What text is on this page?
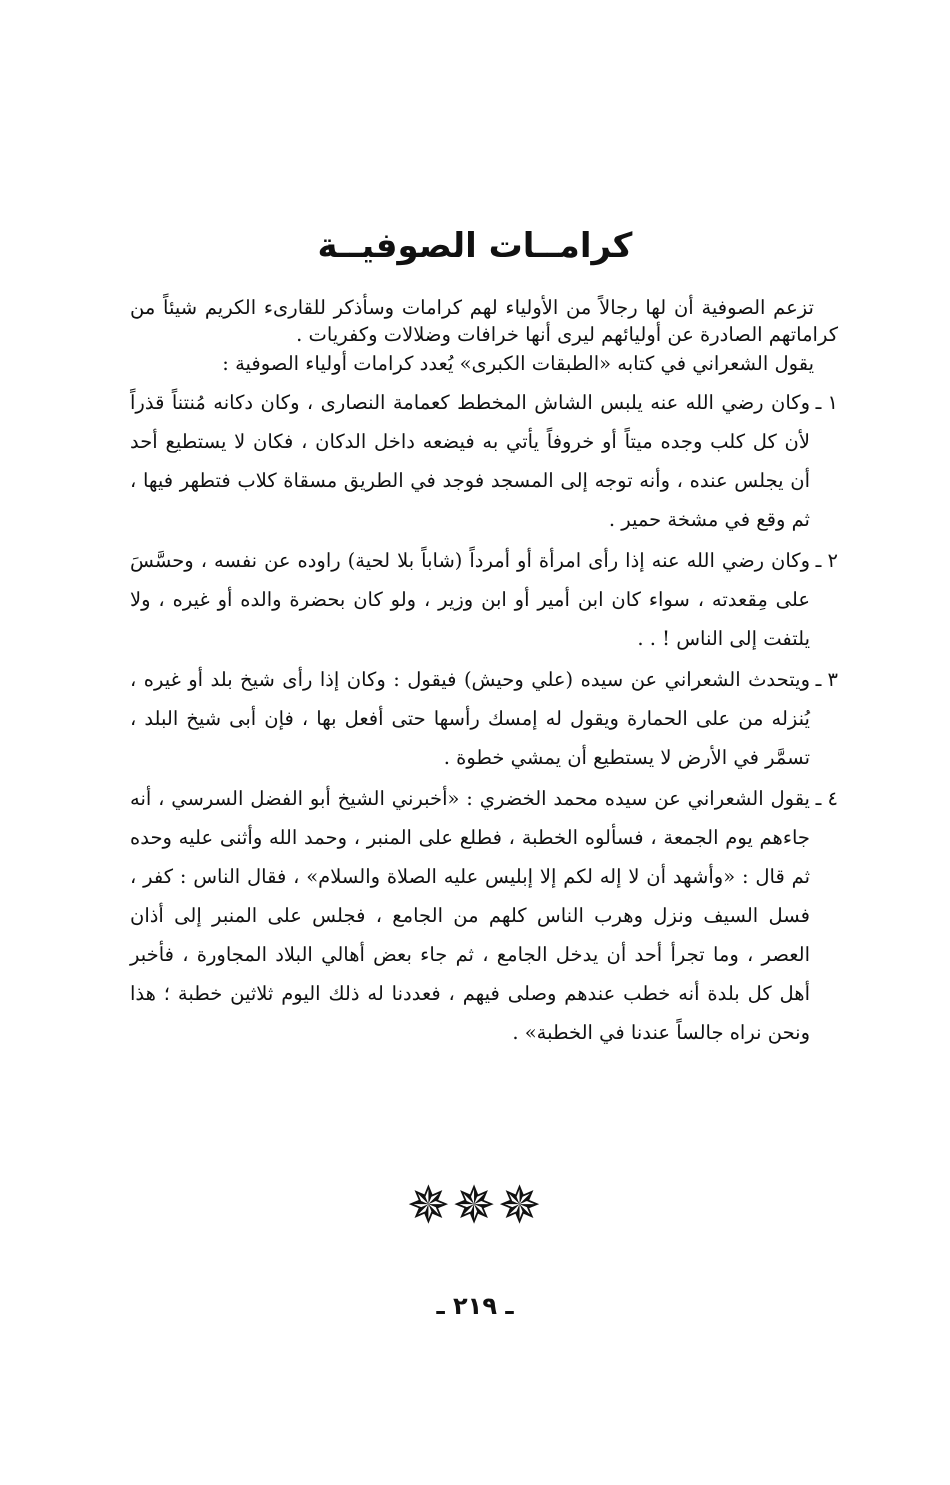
كرامــات الصوفيــة

تزعم الصوفية أن لها رجالاً من الأولياء لهم كرامات وسأذكر للقارىء الكريم شيئاً من كراماتهم الصادرة عن أوليائهم ليرى أنها خرافات وضلالات وكفريات .

يقول الشعراني في كتابه «الطبقات الكبرى» يُعدد كرامات أولياء الصوفية :

١ ـ
وكان رضي الله عنه يلبس الشاش المخطط كعمامة النصارى ، وكان دكانه مُنتناً قذراً لأن كل كلب وجده ميتاً أو خروفاً يأتي به فيضعه داخل الدكان ، فكان لا يستطيع أحد أن يجلس عنده ، وأنه توجه إلى المسجد فوجد في الطريق مسقاة كلاب فتطهر فيها ، ثم وقع في مشخة حمير .
٢ ـ
وكان رضي الله عنه إذا رأى امرأة أو أمرداً (شاباً بلا لحية) راوده عن نفسه ، وحسَّسَ على مِقعدته ، سواء كان ابن أمير أو ابن وزير ، ولو كان بحضرة والده أو غيره ، ولا يلتفت إلى الناس ! . .
٣ ـ
ويتحدث الشعراني عن سيده (علي وحيش) فيقول : وكان إذا رأى شيخ بلد أو غيره ، يُنزله من على الحمارة ويقول له إمسك رأسها حتى أفعل بها ، فإن أبى شيخ البلد ، تسمَّر في الأرض لا يستطيع أن يمشي خطوة .
٤ ـ
يقول الشعراني عن سيده محمد الخضري : «أخبرني الشيخ أبو الفضل السرسي ، أنه جاءهم يوم الجمعة ، فسألوه الخطبة ، فطلع على المنبر ، وحمد الله وأثنى عليه وحده ثم قال : «وأشهد أن لا إله لكم إلا إبليس عليه الصلاة والسلام» ، فقال الناس : كفر ، فسل السيف ونزل وهرب الناس كلهم من الجامع ، فجلس على المنبر إلى أذان العصر ، وما تجرأ أحد أن يدخل الجامع ، ثم جاء بعض أهالي البلاد المجاورة ، فأخبر أهل كل بلدة أنه خطب عندهم وصلى فيهم ، فعددنا له ذلك اليوم ثلاثين خطبة ؛ هذا ونحن نراه جالساً عندنا في الخطبة» .
✵✵✵
ـ ٢١٩ ـ
